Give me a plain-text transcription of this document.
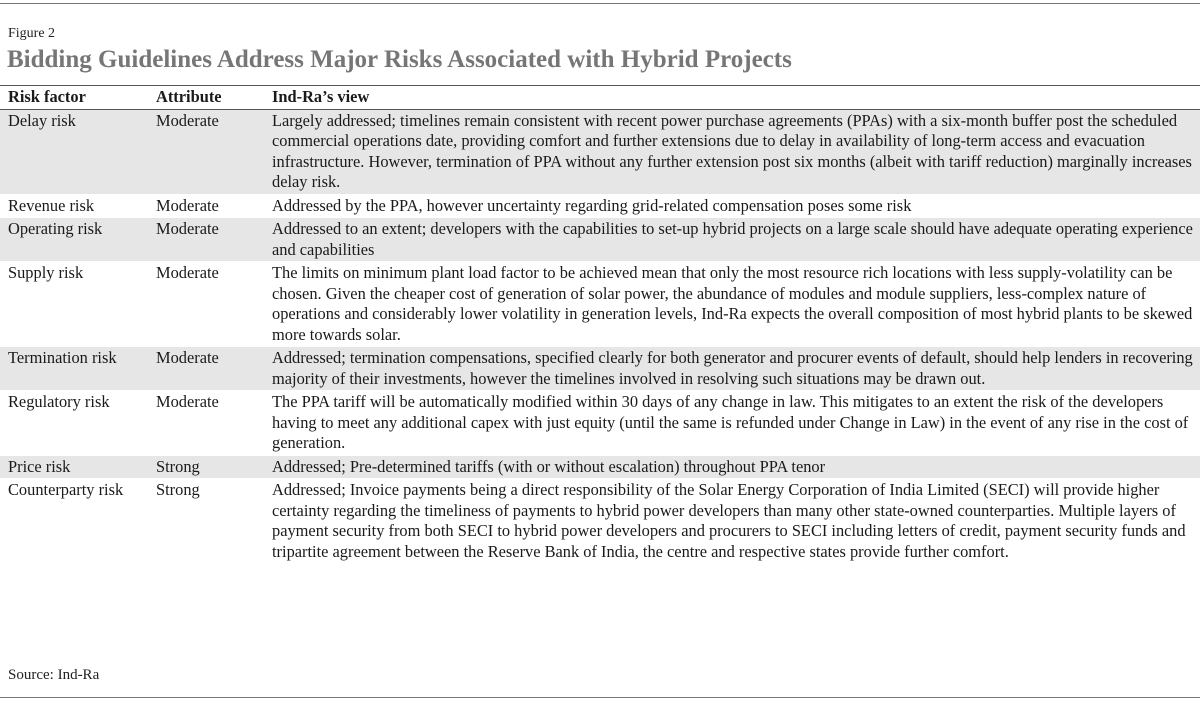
Figure 2
Bidding Guidelines Address Major Risks Associated with Hybrid Projects
Risk factor	Attribute	Ind-Ra’s view
Delay risk	Moderate	Largely addressed; timelines remain consistent with recent power purchase agreements (PPAs) with a six-month buffer post the scheduled commercial operations date, providing comfort and further extensions due to delay in availability of long-term access and evacuation infrastructure. However, termination of PPA without any further extension post six months (albeit with tariff reduction) marginally increases delay risk.
Revenue risk	Moderate	Addressed by the PPA, however uncertainty regarding grid-related compensation poses some risk
Operating risk	Moderate	Addressed to an extent; developers with the capabilities to set-up hybrid projects on a large scale should have adequate operating experience and capabilities
Supply risk	Moderate	The limits on minimum plant load factor to be achieved mean that only the most resource rich locations with less supply-volatility can be chosen. Given the cheaper cost of generation of solar power, the abundance of modules and module suppliers, less-complex nature of operations and considerably lower volatility in generation levels, Ind-Ra expects the overall composition of most hybrid plants to be skewed more towards solar.
Termination risk	Moderate	Addressed; termination compensations, specified clearly for both generator and procurer events of default, should help lenders in recovering majority of their investments, however the timelines involved in resolving such situations may be drawn out.
Regulatory risk	Moderate	The PPA tariff will be automatically modified within 30 days of any change in law. This mitigates to an extent the risk of the developers having to meet any additional capex with just equity (until the same is refunded under Change in Law) in the event of any rise in the cost of generation.
Price risk	Strong	Addressed; Pre-determined tariffs (with or without escalation) throughout PPA tenor
Counterparty risk	Strong	Addressed; Invoice payments being a direct responsibility of the Solar Energy Corporation of India Limited (SECI) will provide higher certainty regarding the timeliness of payments to hybrid power developers than many other state-owned counterparties. Multiple layers of payment security from both SECI to hybrid power developers and procurers to SECI including letters of credit, payment security funds and tripartite agreement between the Reserve Bank of India, the centre and respective states provide further comfort.
Source: Ind-Ra
